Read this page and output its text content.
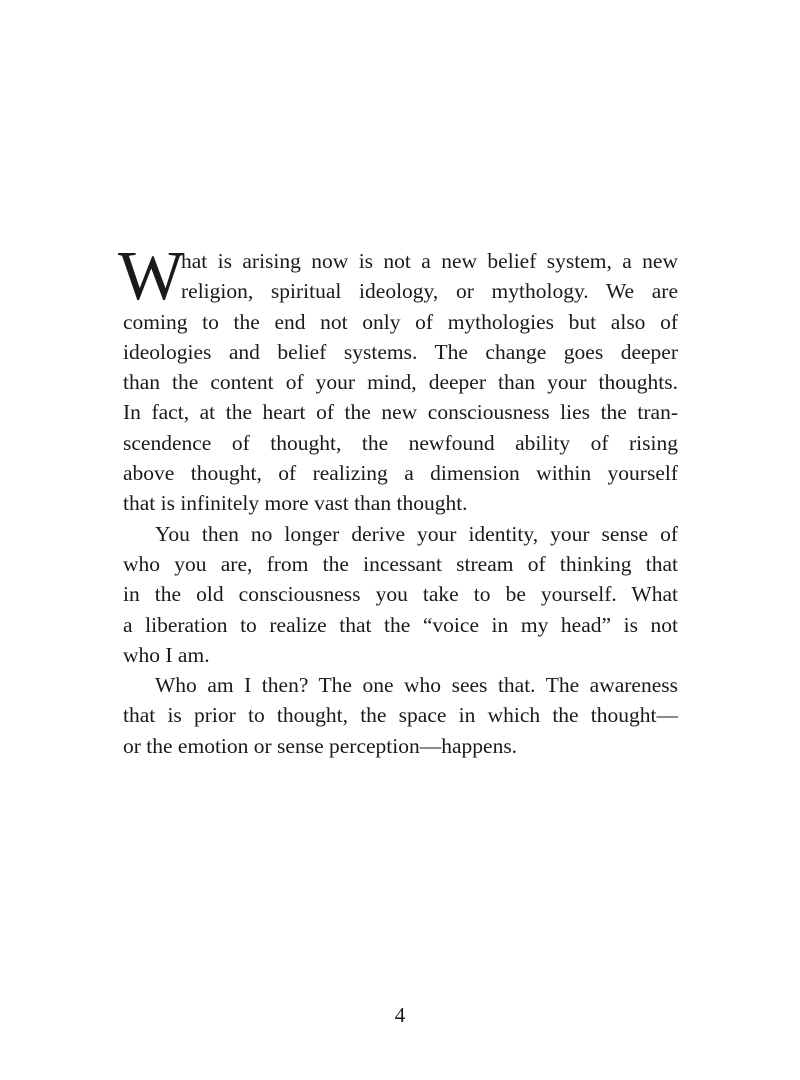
W
hat is arising now is not a new belief system, a new
religion, spiritual ideology, or mythology. We are
coming to the end not only of mythologies but also of
ideologies and belief systems. The change goes deeper
than the content of your mind, deeper than your thoughts.
In fact, at the heart of the new consciousness lies the tran-
scendence of thought, the newfound ability of rising
above thought, of realizing a dimension within yourself
that is infinitely more vast than thought.
You then no longer derive your identity, your sense of
who you are, from the incessant stream of thinking that
in the old consciousness you take to be yourself. What
a liberation to realize that the “voice in my head” is not
who I am.
Who am I then? The one who sees that. The awareness
that is prior to thought, the space in which the thought—
or the emotion or sense perception—happens.
4
